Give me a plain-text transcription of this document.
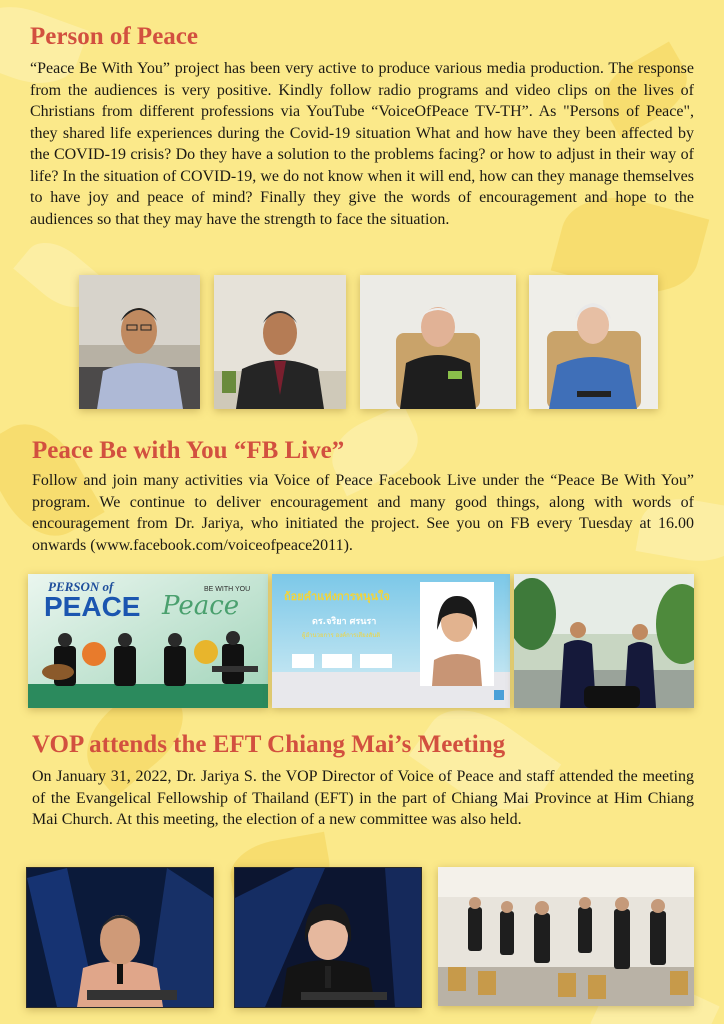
Person of Peace

“Peace Be With You” project has been very active to produce various media production. The response from the audiences is very positive. Kindly follow radio programs and video clips on the lives of Christians from different professions via YouTube “VoiceOfPeace TV-TH”. As "Persons of Peace", they shared life experiences during the Covid-19 situation What and how have they been affected by the COVID-19 crisis? Do they have a solution to the problems facing? or how to adjust in their way of life? In the situation of COVID-19, we do not know when it will end, how can they manage themselves to have joy and peace of mind? Finally they give the words of encouragement and hope to the audiences so that they may have the strength to face the situation.

Peace Be with You “FB Live”

Follow and join many activities via Voice of Peace Facebook Live under the “Peace Be With You” program. We continue to deliver encouragement and many good things, along with words of encouragement from Dr. Jariya, who initiated the project. See you on FB every Tuesday at 16.00 onwards (www.facebook.com/voiceofpeace2011).

PERSON of
PEACE Peace
BE WITH YOU
ถ้อยคำแห่งการหนุนใจ
ดร.จริยา ศรนรา
ผู้อำนวยการ องค์การเสียงสันติ
VOP attends the EFT Chiang Mai’s Meeting

On January 31, 2022, Dr. Jariya S. the VOP Director of Voice of Peace and staff attended the meeting of the Evangelical Fellowship of Thailand (EFT) in the part of Chiang Mai Province at Him Chiang Mai Church. At this meeting, the election of a new committee was also held.
